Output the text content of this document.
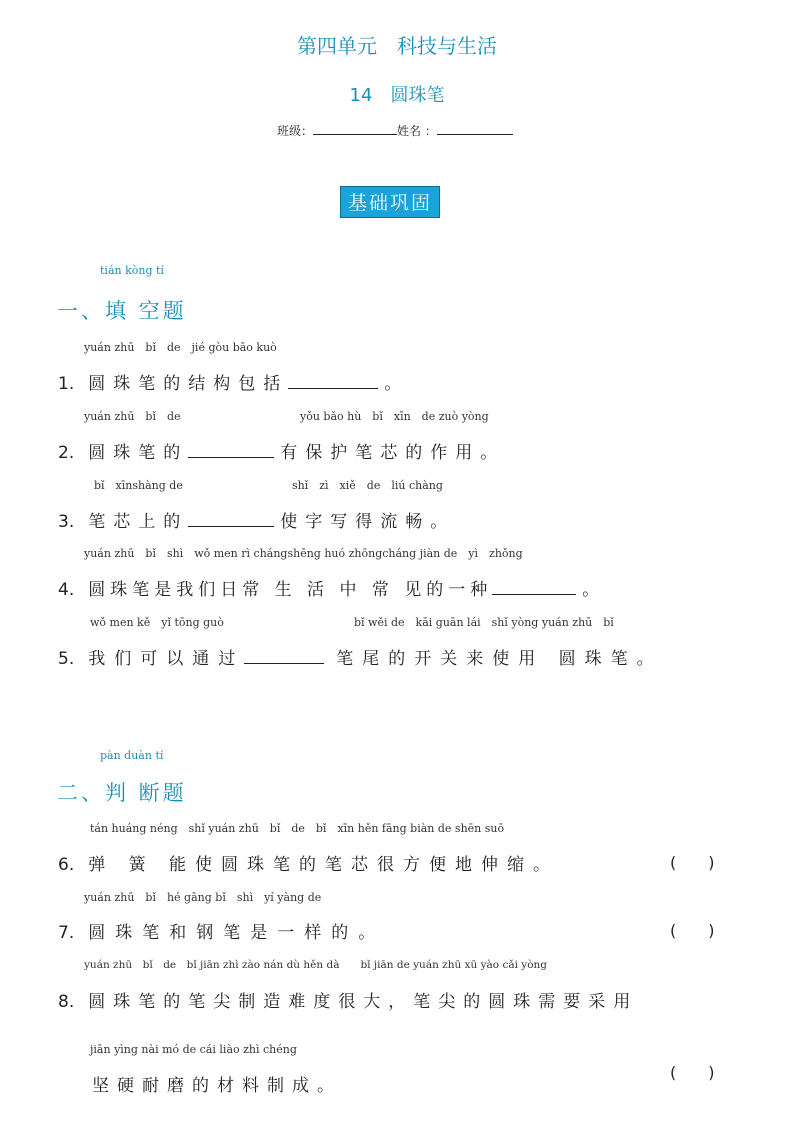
第四单元　科技与生活
14　圆珠笔
班级：	姓名 ：
基础巩固
tián kòng tí
一、填 空题
yuán zhū　bǐ　de　jié gòu bāo kuò
1. 圆珠笔的结构包括	。
yuán zhū　bǐ　de	yǒu bǎo hù　bǐ　xīn　de zuò yòng
2. 圆珠笔的	有保护笔芯的作用。
bǐ　xīnshàng de	shǐ　zì　xiě　de　liú chàng
3. 笔芯上的	使字写得流畅。
yuán zhū　bǐ　shì　wǒ men rì chángshēng huó zhōngcháng jiàn de　yì　zhǒng
4. 圆珠笔是我们日常 生 活 中 常 见的一种	。
wǒ men kě　yǐ tōng guò	bǐ wěi de　kāi guān lái　shǐ yòng yuán zhū　bǐ
5. 我们可以通过	笔尾的开关来使用 圆珠笔。
pàn duàn tí
二、判 断题
tán huáng néng　shǐ yuán zhū　bǐ　de　bǐ　xīn hěn fāng biàn de shēn suō
6. 弹 簧 能使圆珠笔的笔芯很方便地伸缩。	(　　)
yuán zhū　bǐ　hé gāng bǐ　shì　yí yàng de
7. 圆珠笔和钢笔是一样的。	(　　)
yuán zhū　bǐ　de　bǐ jiān zhì zào nán dù hěn dà　　bǐ jiān de yuán zhū xū yào cǎi yòng
8. 圆珠笔的笔尖制造难度很大，笔尖的圆珠需要采用
jiān yìng nài mó de cái liào zhì chéng
坚硬耐磨的材料制成。
(　　)
